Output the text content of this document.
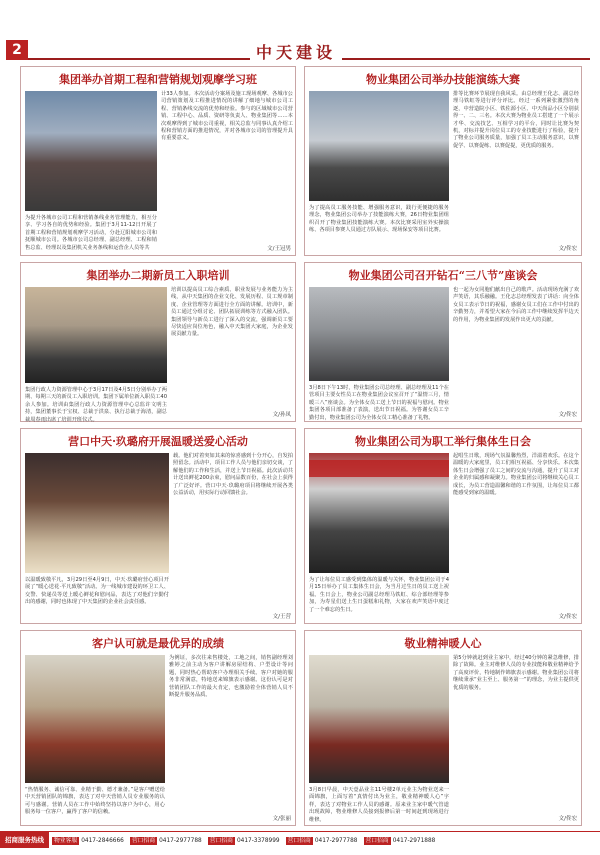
2	中天建设
集团举办首期工程和营销规划观摩学习班
为提升各城市公司工程和营销条线业务管理能力，相互分享、学习各自的优势和经验。集团于3月11-12日开展了首期工程和营销规划观摩学习活动，分赴辽阳城市公司和抚顺城市公司。各城市公司总经理、副总经理、工程和销售总监、经理以及集团机关业务条线和运营企人员等共
计33人参加。本次活动分案场及施工现场观摩、各城市公司营销策划及工程推进情况的讲解了细地与城市公司工程、营销条线交流的优势和经验。参与的区域城市公司营销、工程中心、品质、资研等负责人、物业集团等……本次观摩得到了城市公司重视，相关总监与同事认真介绍工程和营销方面的推进情况，并对各城市公司的管理提升具有重要意义。
文/王冠男
物业集团公司举办技能演练大赛
为了提高员工服务技能、增强服务意识，践行更便捷的服务理念，物业集团公司举办了技能演练大赛，26日物业集团组织召开了物业集团技能演练大赛。本次比赛采用室外实操演练、各项目参赛人员通过方队展示、现场保安等项目比赛。
排等比赛环节展现自我风采。由总经理王化志、副总经理马铁虹等进行评分评比。经过一系列紧张激烈的角逐，中营造院小区、铁佐源小区、中天尚品小区分别获得一、二、三名。本次大赛为物业员工搭建了一个展示才华、交流技艺、互相学习的平台，同时让比赛为契机，对标并提升岗位员工的专业技能进行了检验，提升了物业公司服务质量，加强了员工主动服务意识，以赛促学、以赛促练、以赛促提，更优质的服务。
文/佟宏
集团举办二期新员工入职培训
集团行政人力资源管理中心于3月17日及4月5日分别举办了两期、每期三天的新员工入职培训。集团下属单位新入职员工40余人参加。培训由集团行政人力资源管理中心总监许文明主持，集团董事长于宝权、总裁于洪泉、执行总裁于海清，副总裁周春雨出席了培训开班仪式。
培训以提高员工综合素质、职业发展与业务能力为主线，从中天集团的企业文化、发展历程、员工规章制度、企业管理等方面进行全方面的讲解。培训中，新员工通过分组讨论、团队拓展训练等方式融入团队。集团领导与新员工进行了深入的交流，强调新员工要尽快适应岗位角色，融入中天集团大家庭，为企业发展贡献力量。
文/孙凤
物业集团公司召开钻石“三八节”座谈会
3月8日下午13时，物业集团公司总经理、副总经理及11个在管项目主要女性员工在物业集团会议室召开了“温情三月，情暖三八”座谈会。为全体女员工送上节日的祝福与慰问。物业集团各项目部准备了表演，送出节日祝福。为答谢女员工辛勤付出，物业集团公司为全体女员工精心准备了礼物。
也一起为女同胞们献出自己的歌声。活动现场充满了欢声笑语，其乐融融。王化志总经理发表了讲话：向全体女员工表示节日的祝福，感谢女员工们在工作中付出的辛勤努力，并希望大家在今后的工作中继续发挥半边天的作用，为物业集团的发展作出更大的贡献。
文/佟宏
营口中天·玖璐府开展温暖送爱心活动
以温暖致敬平凡，3月29日至4月9日，中天·玖璐府营心项目开展了“暖心送花·平凡致敬”活动。为一线城市建设的环卫工人、交警、快递员等送上暖心鲜花和慰问品，表达了对他们辛勤付出的感谢，同时也体现了中天集团的企业社会责任感。
载。他们对着突如其来的惊喜感到十分开心，自发拍照留念。活动中，项目工作人员与他们亲切交谈，了解他们的工作和生活，并送上节日祝福。此次活动共计送出鲜花200余束，慰问品数百份，在社会上获得了广泛好评。营口中天·玖璐府项目将继续开展各类公益活动，用实际行动回馈社会。
文/王营
物业集团公司为职工举行集体生日会
为了让每位员工感受到集体的温暖与关怀，物业集团公司于4月15日举办了员工集体生日会，为当月过生日的员工送上祝福。生日会上，物业公司副总经理马铁虹、综合部经理等参加，为寿星们送上生日蛋糕和礼物，大家在欢声笑语中度过了一个难忘的生日。
起唱生日歌，现场气氛温馨热烈，洋溢着欢乐。在这个温暖的大家庭里，员工们相互祝福、分享快乐。本次集体生日会增强了员工之间的交流与沟通，提升了员工对企业的归属感和凝聚力。物业集团公司将继续关心员工成长，为员工营造温馨和谐的工作氛围，让每位员工都能感受到家的温暖。
文/佟宏
客户认可就是最优异的成绩
“热情服务、诚信可靠、业精于勤、德才兼备。”是客户赠送给中天营销团队的锦旗，表达了对中天营销人员专业服务的认可与感谢。营销人员在工作中始终坚持以客户为中心，用心服务每一位客户，赢得了客户的信赖。
为例证，多次往来售楼处，工地之间，销售副经理刘雅婷之前主动为客户讲解房屋结构、户型设计等问题，同时热心帮助客户办理相关手续。客户对她的服务非常满意，特地送来锦旗表示感谢。这份认可是对营销团队工作的最大肯定，也激励着全体营销人员不断提升服务品质。
文/张丽
敬业精神暖人心
3月8日早晨，中天壹品业主11号楼2单元业主为物业送来一面锦旗，上面写着“真情付出为业主，敬业精神暖人心”字样，表达了对物业工作人员的感谢。原来业主家中暖气管道出现故障，物业维修人员接到报修后第一时间赶到现场进行维修。
第5分钟就赶到业主家中，经过40分钟的紧急维修，排除了故障。业主对维修人员的专业技能和敬业精神给予了高度评价，特地制作锦旗表示感谢。物业集团公司将继续秉承“业主至上、服务第一”的理念，为业主提供更优质的服务。
文/佟宏
招商服务热线	物业客服 0417-2846666	营口招商 0417-2977788	营口招商 0417-3378999	营口招商 0417-2977788	营口招商 0417-2971888
